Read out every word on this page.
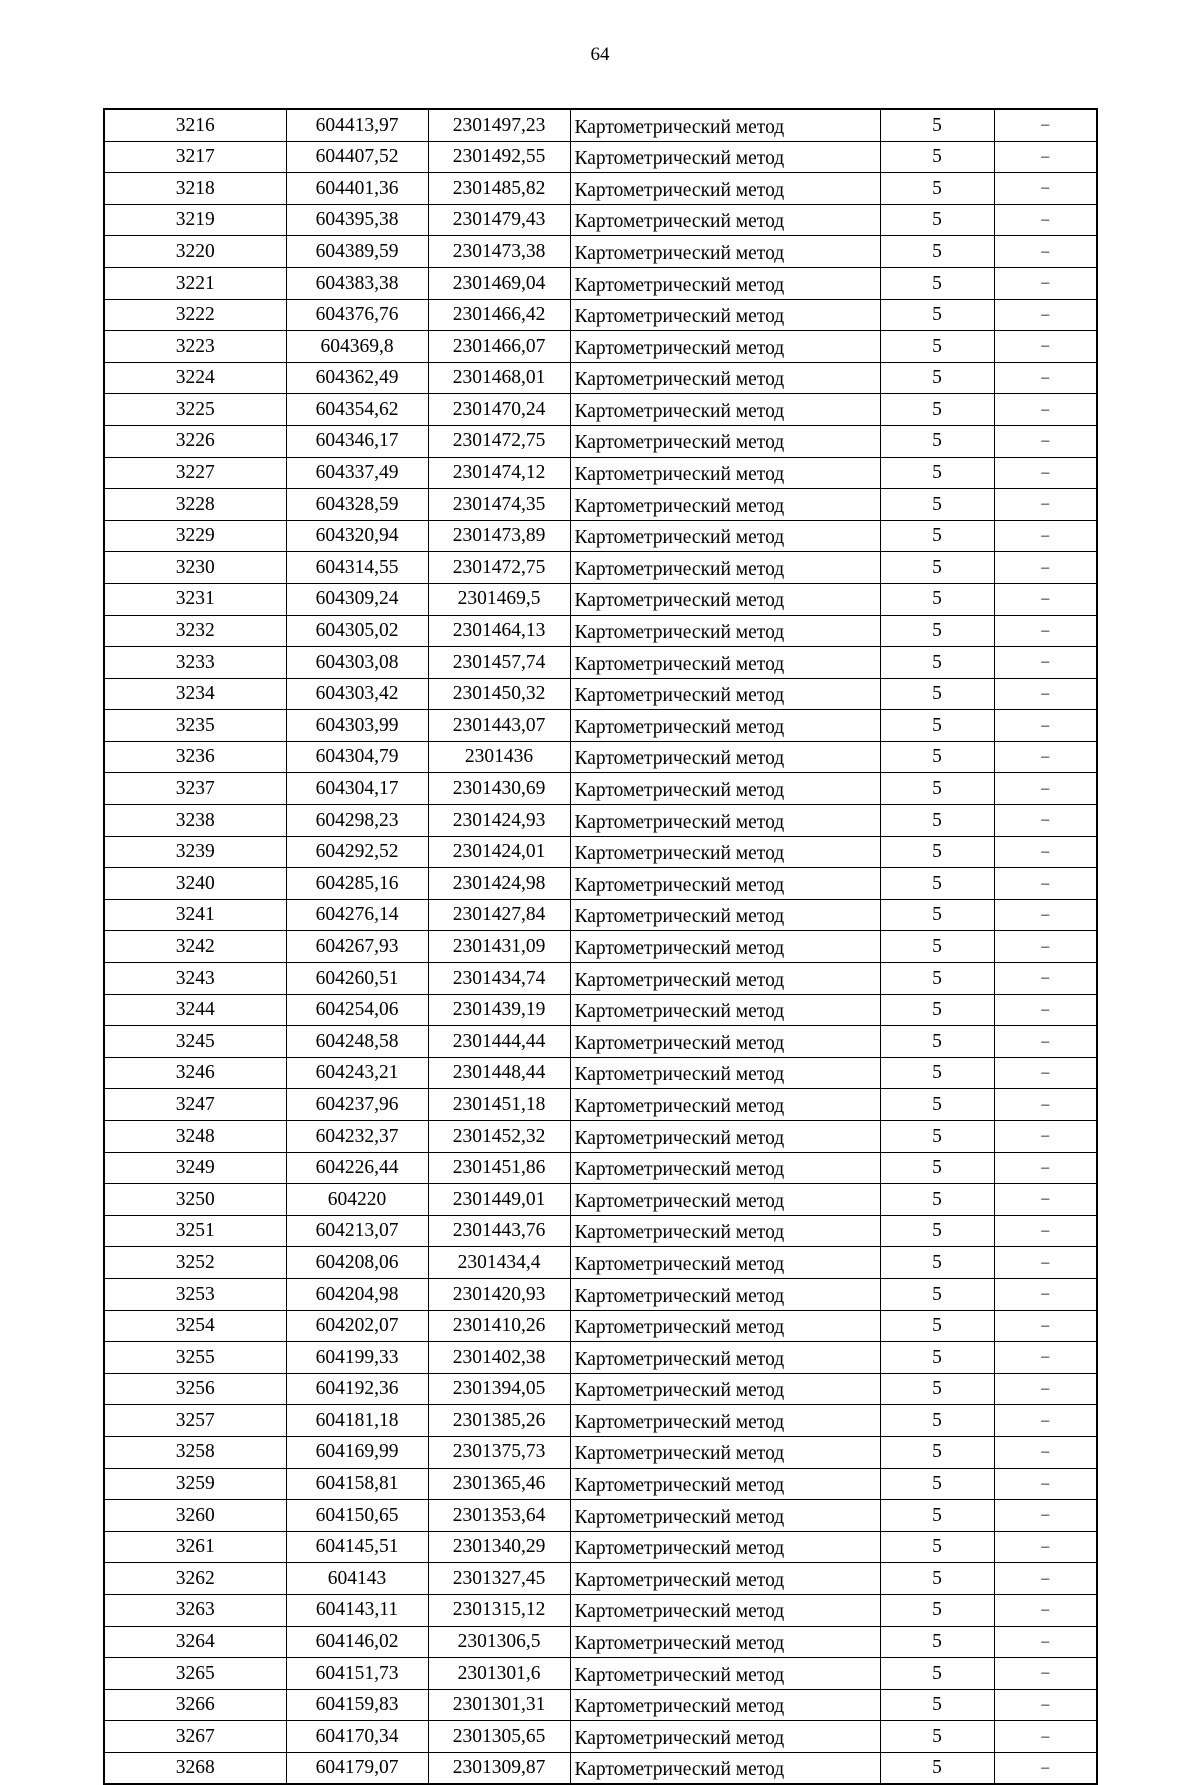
64
3216	604413,97	2301497,23	Картометрический метод	5	–
3217	604407,52	2301492,55	Картометрический метод	5	–
3218	604401,36	2301485,82	Картометрический метод	5	–
3219	604395,38	2301479,43	Картометрический метод	5	–
3220	604389,59	2301473,38	Картометрический метод	5	–
3221	604383,38	2301469,04	Картометрический метод	5	–
3222	604376,76	2301466,42	Картометрический метод	5	–
3223	604369,8	2301466,07	Картометрический метод	5	–
3224	604362,49	2301468,01	Картометрический метод	5	–
3225	604354,62	2301470,24	Картометрический метод	5	–
3226	604346,17	2301472,75	Картометрический метод	5	–
3227	604337,49	2301474,12	Картометрический метод	5	–
3228	604328,59	2301474,35	Картометрический метод	5	–
3229	604320,94	2301473,89	Картометрический метод	5	–
3230	604314,55	2301472,75	Картометрический метод	5	–
3231	604309,24	2301469,5	Картометрический метод	5	–
3232	604305,02	2301464,13	Картометрический метод	5	–
3233	604303,08	2301457,74	Картометрический метод	5	–
3234	604303,42	2301450,32	Картометрический метод	5	–
3235	604303,99	2301443,07	Картометрический метод	5	–
3236	604304,79	2301436	Картометрический метод	5	–
3237	604304,17	2301430,69	Картометрический метод	5	–
3238	604298,23	2301424,93	Картометрический метод	5	–
3239	604292,52	2301424,01	Картометрический метод	5	–
3240	604285,16	2301424,98	Картометрический метод	5	–
3241	604276,14	2301427,84	Картометрический метод	5	–
3242	604267,93	2301431,09	Картометрический метод	5	–
3243	604260,51	2301434,74	Картометрический метод	5	–
3244	604254,06	2301439,19	Картометрический метод	5	–
3245	604248,58	2301444,44	Картометрический метод	5	–
3246	604243,21	2301448,44	Картометрический метод	5	–
3247	604237,96	2301451,18	Картометрический метод	5	–
3248	604232,37	2301452,32	Картометрический метод	5	–
3249	604226,44	2301451,86	Картометрический метод	5	–
3250	604220	2301449,01	Картометрический метод	5	–
3251	604213,07	2301443,76	Картометрический метод	5	–
3252	604208,06	2301434,4	Картометрический метод	5	–
3253	604204,98	2301420,93	Картометрический метод	5	–
3254	604202,07	2301410,26	Картометрический метод	5	–
3255	604199,33	2301402,38	Картометрический метод	5	–
3256	604192,36	2301394,05	Картометрический метод	5	–
3257	604181,18	2301385,26	Картометрический метод	5	–
3258	604169,99	2301375,73	Картометрический метод	5	–
3259	604158,81	2301365,46	Картометрический метод	5	–
3260	604150,65	2301353,64	Картометрический метод	5	–
3261	604145,51	2301340,29	Картометрический метод	5	–
3262	604143	2301327,45	Картометрический метод	5	–
3263	604143,11	2301315,12	Картометрический метод	5	–
3264	604146,02	2301306,5	Картометрический метод	5	–
3265	604151,73	2301301,6	Картометрический метод	5	–
3266	604159,83	2301301,31	Картометрический метод	5	–
3267	604170,34	2301305,65	Картометрический метод	5	–
3268	604179,07	2301309,87	Картометрический метод	5	–
